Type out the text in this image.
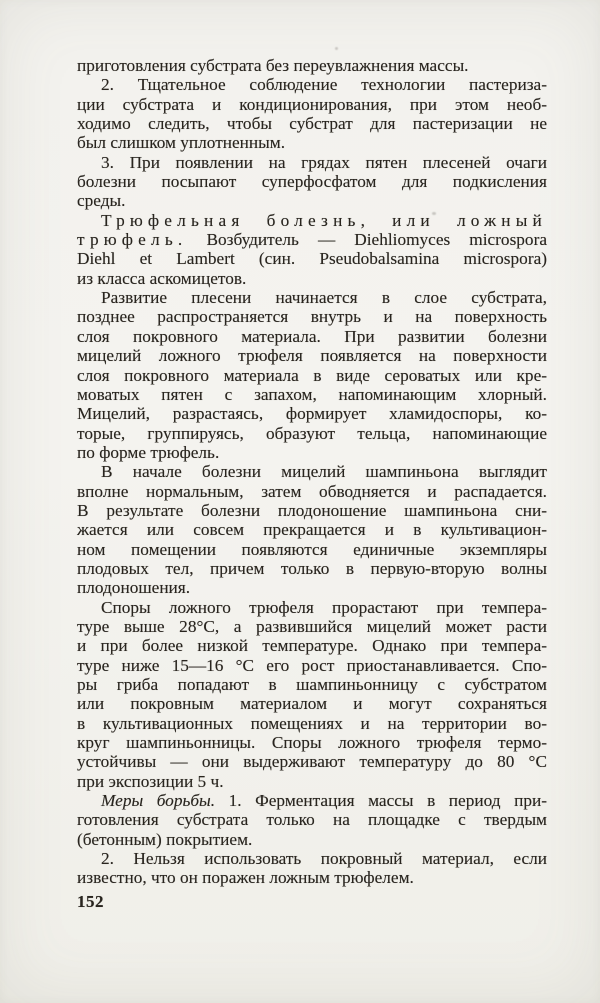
приготовления субстрата без переувлажнения массы.
2. Тщательное соблюдение технологии пастериза-
ции субстрата и кондиционирования, при этом необ-
ходимо следить, чтобы субстрат для пастеризации не
был слишком уплотненным.
3. При появлении на грядах пятен плесеней очаги
болезни посыпают суперфосфатом для подкисления
среды.
Трюфельная болезнь, или ложный
трюфель. Возбудитель — Diehliomyces microspora
Diehl et Lambert (син. Pseudobalsamina microspora)
из класса аскомицетов.
Развитие плесени начинается в слое субстрата,
позднее распространяется внутрь и на поверхность
слоя покровного материала. При развитии болезни
мицелий ложного трюфеля появляется на поверхности
слоя покровного материала в виде сероватых или кре-
моватых пятен с запахом, напоминающим хлорный.
Мицелий, разрастаясь, формирует хламидоспоры, ко-
торые, группируясь, образуют тельца, напоминающие
по форме трюфель.
В начале болезни мицелий шампиньона выглядит
вполне нормальным, затем обводняется и распадается.
В результате болезни плодоношение шампиньона сни-
жается или совсем прекращается и в культивацион-
ном помещении появляются единичные экземпляры
плодовых тел, причем только в первую-вторую волны
плодоношения.
Споры ложного трюфеля прорастают при темпера-
туре выше 28°С, а развившийся мицелий может расти
и при более низкой температуре. Однако при темпера-
туре ниже 15—16 °С его рост приостанавливается. Спо-
ры гриба попадают в шампиньонницу с субстратом
или покровным материалом и могут сохраняться
в культивационных помещениях и на территории во-
круг шампиньонницы. Споры ложного трюфеля термо-
устойчивы — они выдерживают температуру до 80 °С
при экспозиции 5 ч.
Меры борьбы. 1. Ферментация массы в период при-
готовления субстрата только на площадке с твердым
(бетонным) покрытием.
2. Нельзя использовать покровный материал, если
известно, что он поражен ложным трюфелем.
152
